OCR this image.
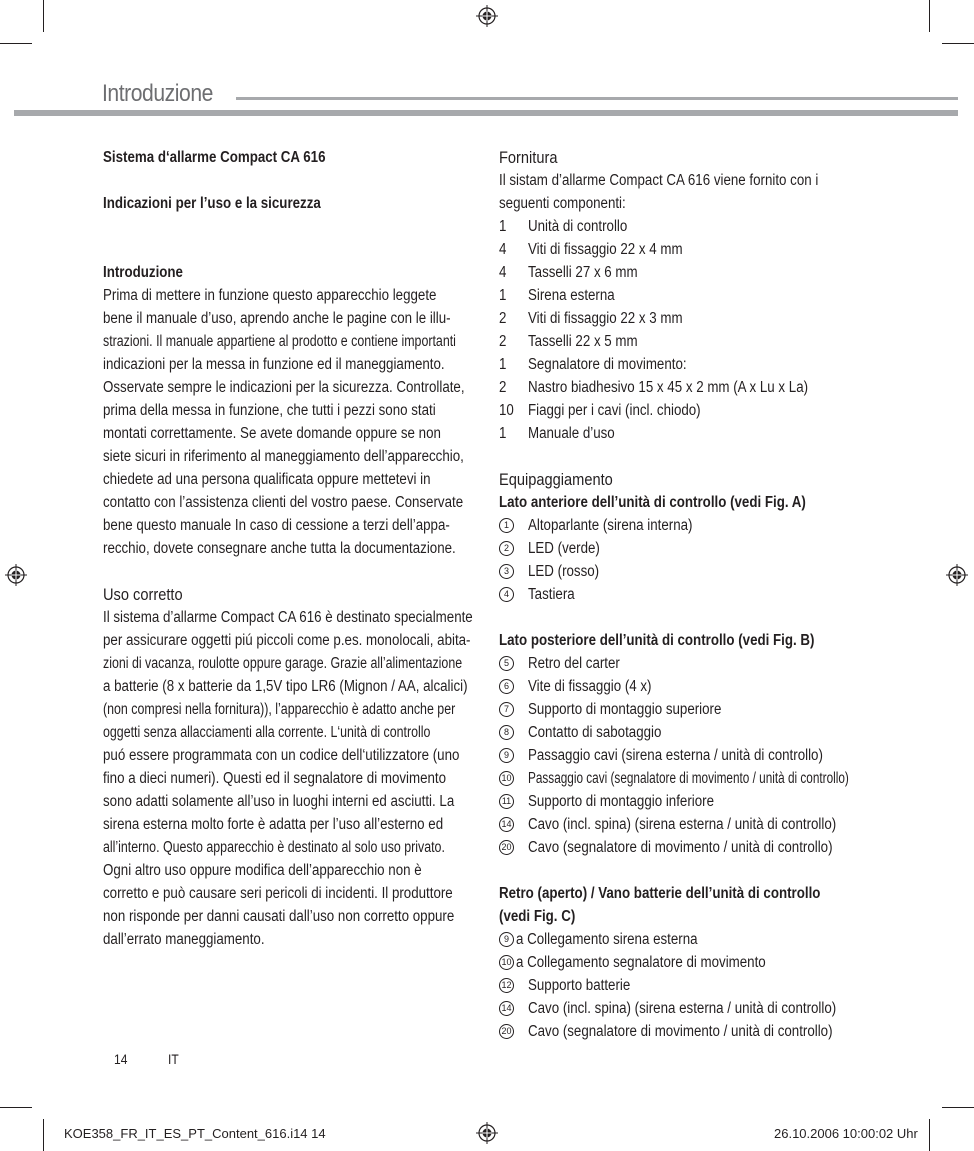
Introduzione
Sistema d‘allarme Compact CA 616
Indicazioni per l’uso e la sicurezza
Introduzione
Prima di mettere in funzione questo apparecchio leggete
bene il manuale d’uso, aprendo anche le pagine con le illu-
strazioni. Il manuale appartiene al prodotto e contiene importanti
indicazioni per la messa in funzione ed il maneggiamento.
Osservate sempre le indicazioni per la sicurezza. Controllate,
prima della messa in funzione, che tutti i pezzi sono stati
montati correttamente. Se avete domande oppure se non
siete sicuri in riferimento al maneggiamento dell’apparecchio,
chiedete ad una persona qualificata oppure mettetevi in
contatto con l’assistenza clienti del vostro paese. Conservate
bene questo manuale In caso di cessione a terzi dell’appa-
recchio, dovete consegnare anche tutta la documentazione.
Uso corretto
Il sistema d’allarme Compact CA 616 è destinato specialmente
per assicurare oggetti piú piccoli come p.es. monolocali, abita-
zioni di vacanza, roulotte oppure garage. Grazie all’alimentazione
a batterie (8 x batterie da 1,5V tipo LR6 (Mignon / AA, alcalici)
(non compresi nella fornitura)), l’apparecchio è adatto anche per
oggetti senza allacciamenti alla corrente. L‘unità di controllo
puó essere programmata con un codice dell‘utilizzatore (uno
fino a dieci numeri). Questi ed il segnalatore di movimento
sono adatti solamente all’uso in luoghi interni ed asciutti. La
sirena esterna molto forte è adatta per l’uso all’esterno ed
all’interno. Questo apparecchio è destinato al solo uso privato.
Ogni altro uso oppure modifica dell’apparecchio non è
corretto e può causare seri pericoli di incidenti. Il produttore
non risponde per danni causati dall’uso non corretto oppure
dall’errato maneggiamento.
Fornitura
Il sistam d’allarme Compact CA 616 viene fornito con i
seguenti componenti:
1	Unità di controllo
4	Viti di fissaggio 22 x 4 mm
4	Tasselli 27 x 6 mm
1	Sirena esterna
2	Viti di fissaggio 22 x 3 mm
2	Tasselli 22 x 5 mm
1	Segnalatore di movimento:
2	Nastro biadhesivo 15 x 45 x 2 mm (A x Lu x La)
10 Fiaggi per i cavi (incl. chiodo)
1	Manuale d’uso
Equipaggiamento
Lato anteriore dell’unità di controllo (vedi Fig. A)
1	Altoparlante (sirena interna)
2	LED (verde)
3	LED (rosso)
4	Tastiera
Lato posteriore dell’unità di controllo (vedi Fig. B)
5	Retro del carter
6	Vite di fissaggio (4 x)
7	Supporto di montaggio superiore
8	Contatto di sabotaggio
9	Passaggio cavi (sirena esterna / unità di controllo)
10 Passaggio cavi (segnalatore di movimento / unità di controllo)
11 Supporto di montaggio inferiore
14 Cavo (incl. spina) (sirena esterna / unità di controllo)
20 Cavo (segnalatore di movimento / unità di controllo)
Retro (aperto) / Vano batterie dell’unità di controllo
(vedi Fig. C)
9 a Collegamento sirena esterna
10 a Collegamento segnalatore di movimento
12 Supporto batterie
14 Cavo (incl. spina) (sirena esterna / unità di controllo)
20 Cavo (segnalatore di movimento / unità di controllo)
14	IT
KOE358_FR_IT_ES_PT_Content_616.i14 14	26.10.2006 10:00:02 Uhr
